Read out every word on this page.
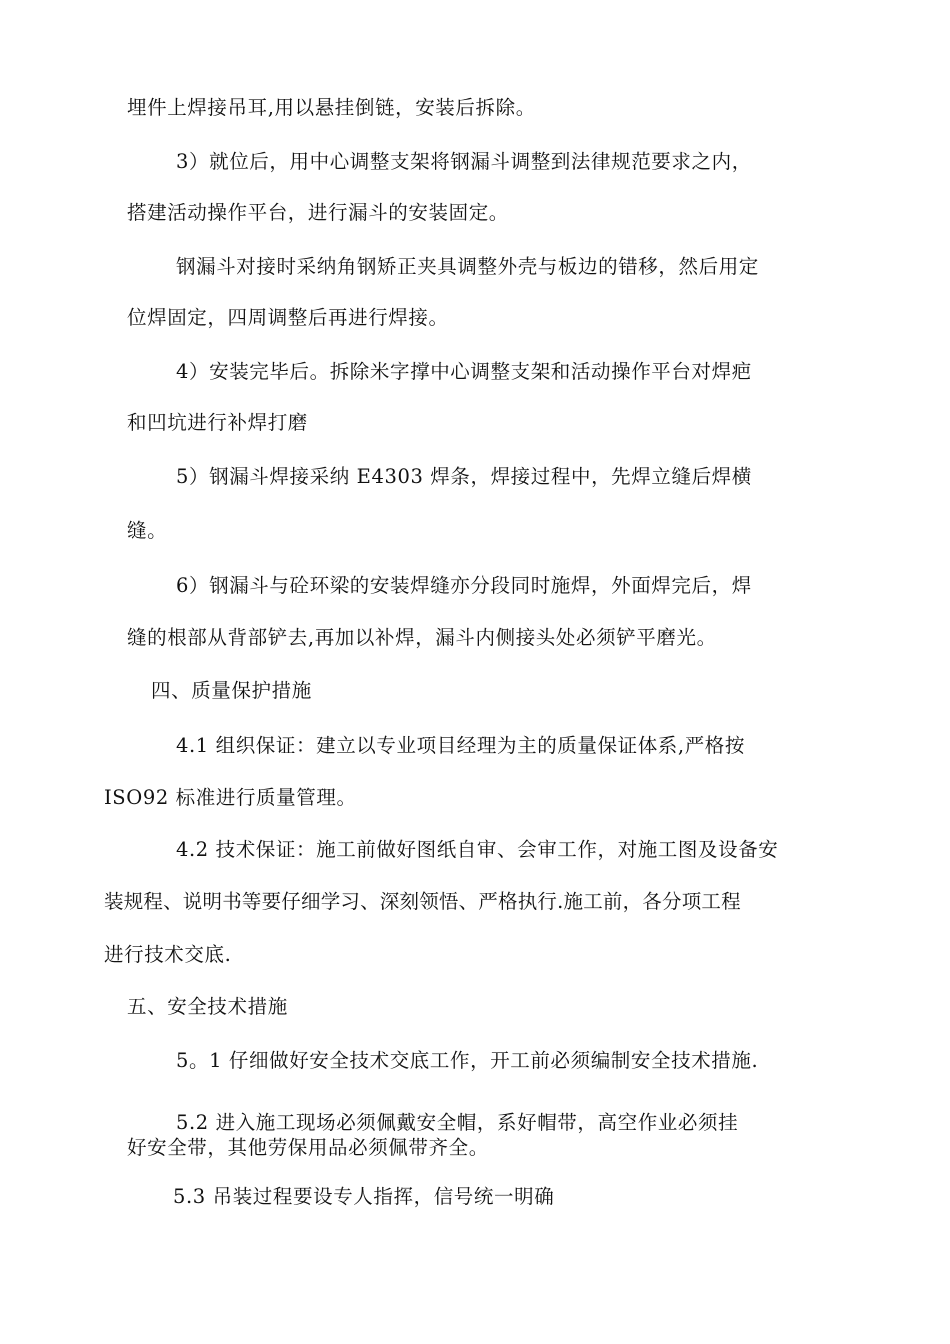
埋件上焊接吊耳,用以悬挂倒链，安装后拆除。
3）就位后，用中心调整支架将钢漏斗调整到法律规范要求之内，
搭建活动操作平台，进行漏斗的安装固定。
钢漏斗对接时采纳角钢矫正夹具调整外壳与板边的错移，然后用定
位焊固定，四周调整后再进行焊接。
4）安装完毕后。拆除米字撑中心调整支架和活动操作平台对焊疤
和凹坑进行补焊打磨
5）钢漏斗焊接采纳 E4303 焊条，焊接过程中，先焊立缝后焊横
缝。
6）钢漏斗与砼环梁的安装焊缝亦分段同时施焊，外面焊完后，焊
缝的根部从背部铲去,再加以补焊，漏斗内侧接头处必须铲平磨光。
四、质量保护措施
4.1 组织保证：建立以专业项目经理为主的质量保证体系,严格按
ISO92 标准进行质量管理。
4.2 技术保证：施工前做好图纸自审、会审工作，对施工图及设备安
装规程、说明书等要仔细学习、深刻领悟、严格执行.施工前，各分项工程
进行技术交底.
五、安全技术措施
5。1 仔细做好安全技术交底工作，开工前必须编制安全技术措施.
5.2 进入施工现场必须佩戴安全帽，系好帽带，高空作业必须挂
好安全带，其他劳保用品必须佩带齐全。
5.3 吊装过程要设专人指挥，信号统一明确
